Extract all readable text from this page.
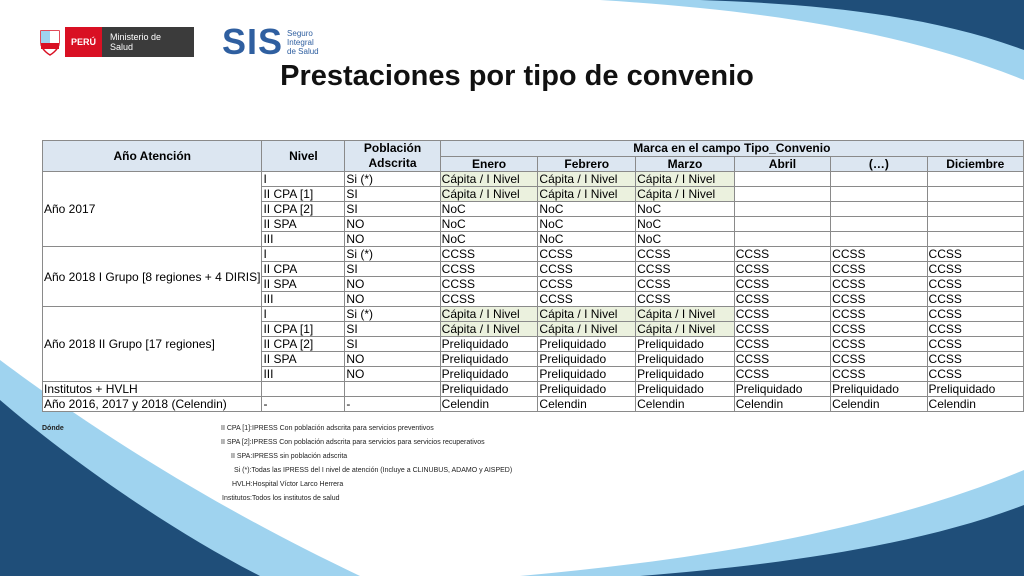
PERÚ	Ministerio de Salud	SIS Seguro
Integral
de Salud
Prestaciones por tipo de convenio
Año Atención	Nivel	Población Adscrita	Marca en el campo Tipo_Convenio					
			Enero	Febrero	Marzo	Abril	(…)	Diciembre
Año 2017	I	Si (*)	Cápita / I Nivel	Cápita / I Nivel	Cápita / I Nivel			
	II CPA [1]	SI	Cápita / I Nivel	Cápita / I Nivel	Cápita / I Nivel			
	II CPA [2]	SI	NoC	NoC	NoC			
	II SPA	NO	NoC	NoC	NoC			
	III	NO	NoC	NoC	NoC			
Año 2018 I Grupo [8 regiones + 4 DIRIS]	I	Si (*)	CCSS	CCSS	CCSS	CCSS	CCSS	CCSS
	II CPA	SI	CCSS	CCSS	CCSS	CCSS	CCSS	CCSS
	II SPA	NO	CCSS	CCSS	CCSS	CCSS	CCSS	CCSS
	III	NO	CCSS	CCSS	CCSS	CCSS	CCSS	CCSS
Año 2018 II Grupo [17 regiones]	I	Si (*)	Cápita / I Nivel	Cápita / I Nivel	Cápita / I Nivel	CCSS	CCSS	CCSS
	II CPA [1]	SI	Cápita / I Nivel	Cápita / I Nivel	Cápita / I Nivel	CCSS	CCSS	CCSS
	II CPA [2]	SI	Preliquidado	Preliquidado	Preliquidado	CCSS	CCSS	CCSS
	II SPA	NO	Preliquidado	Preliquidado	Preliquidado	CCSS	CCSS	CCSS
	III	NO	Preliquidado	Preliquidado	Preliquidado	CCSS	CCSS	CCSS
Institutos + HVLH			Preliquidado	Preliquidado	Preliquidado	Preliquidado	Preliquidado	Preliquidado
Año 2016, 2017 y 2018 (Celendin)	-	-	Celendin	Celendin	Celendin	Celendin	Celendin	Celendin
Dónde	II CPA [1]:IPRESS Con población adscrita para servicios preventivos
II SPA [2]:IPRESS Con población adscrita para servicios para servicios recuperativos
II SPA:IPRESS sin población adscrita
Si (*):Todas las IPRESS del I nivel de atención (Incluye a CLINUBUS, ADAMO y AISPED)
HVLH:Hospital Víctor Larco Herrera
Institutos:Todos los institutos de salud
